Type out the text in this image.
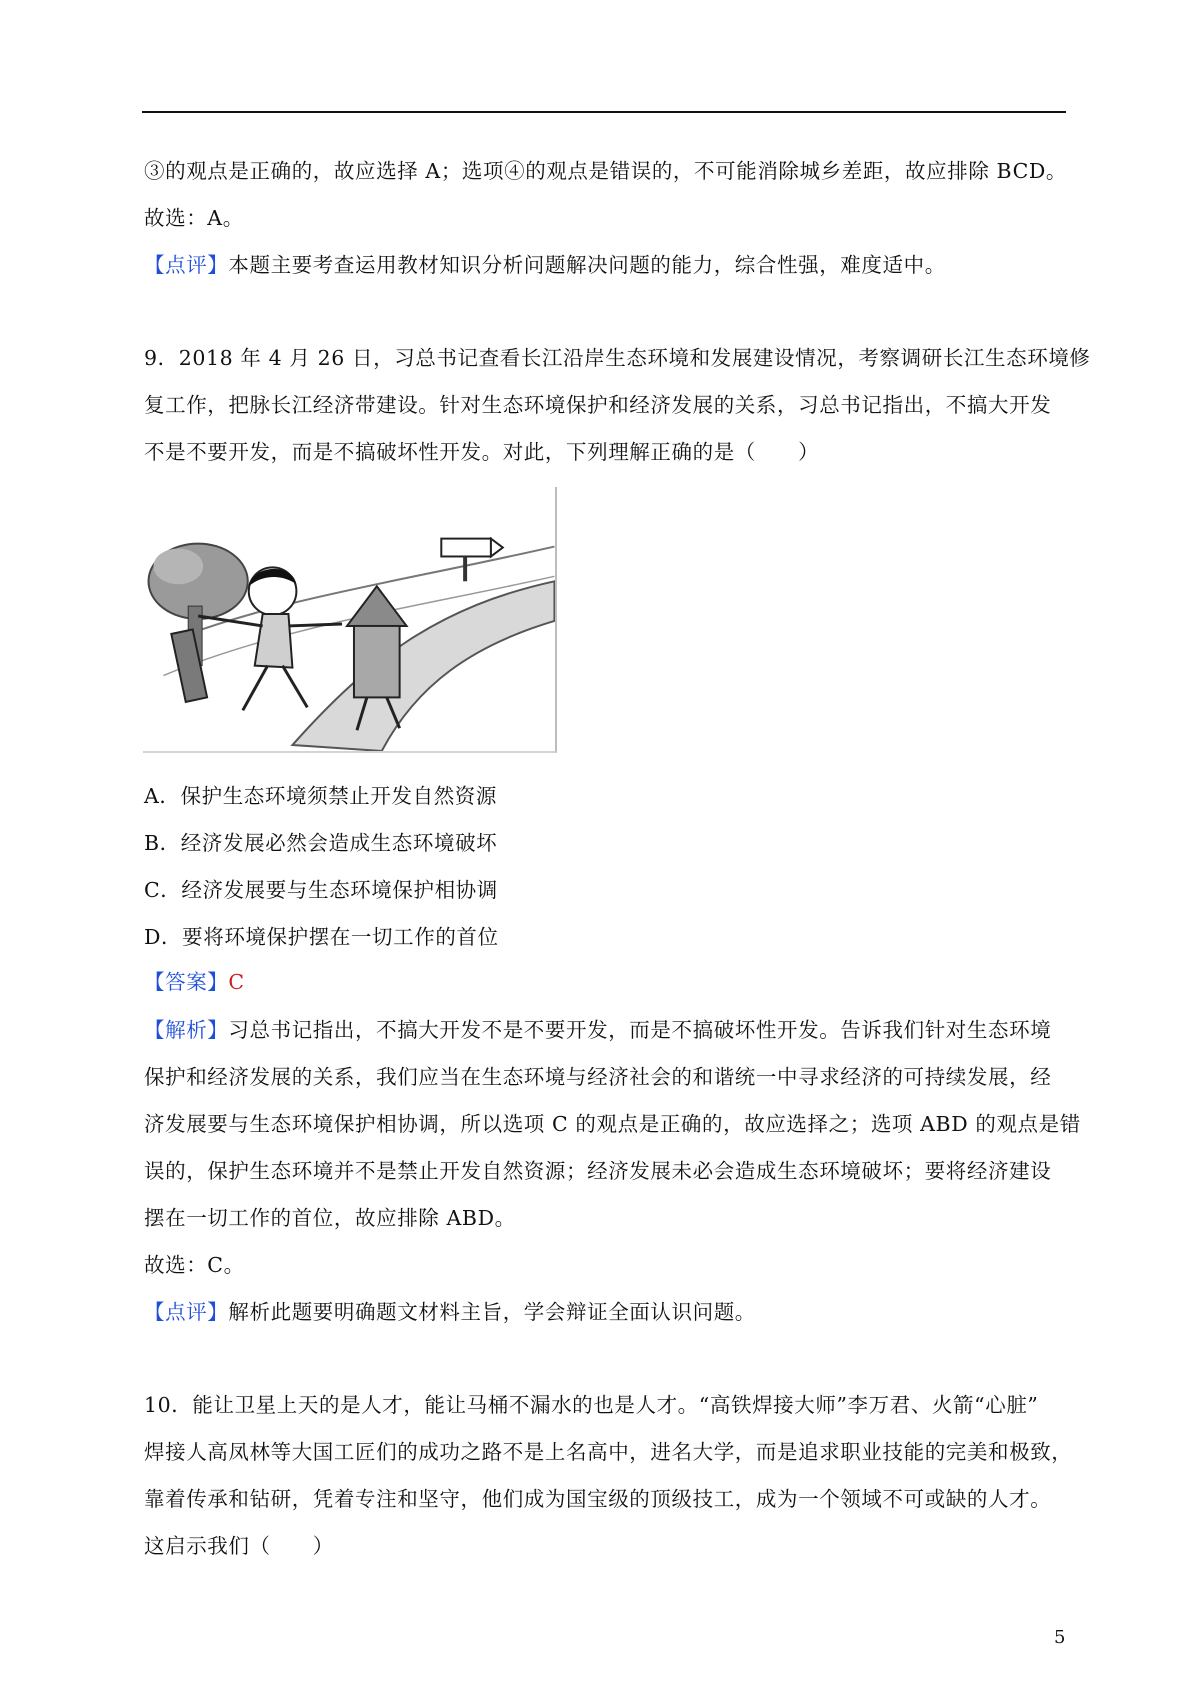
③的观点是正确的，故应选择 A；选项④的观点是错误的，不可能消除城乡差距，故应排除 BCD。
故选：A。
【点评】本题主要考查运用教材知识分析问题解决问题的能力，综合性强，难度适中。
9．2018 年 4 月 26 日，习总书记查看长江沿岸生态环境和发展建设情况，考察调研长江生态环境修
复工作，把脉长江经济带建设。针对生态环境保护和经济发展的关系，习总书记指出，不搞大开发
不是不要开发，而是不搞破坏性开发。对此，下列理解正确的是（　　）
A．保护生态环境须禁止开发自然资源
B．经济发展必然会造成生态环境破坏
C．经济发展要与生态环境保护相协调
D．要将环境保护摆在一切工作的首位
【答案】C
【解析】习总书记指出，不搞大开发不是不要开发，而是不搞破坏性开发。告诉我们针对生态环境
保护和经济发展的关系，我们应当在生态环境与经济社会的和谐统一中寻求经济的可持续发展，经
济发展要与生态环境保护相协调，所以选项 C 的观点是正确的，故应选择之；选项 ABD 的观点是错
误的，保护生态环境并不是禁止开发自然资源；经济发展未必会造成生态环境破坏；要将经济建设
摆在一切工作的首位，故应排除 ABD。
故选：C。
【点评】解析此题要明确题文材料主旨，学会辩证全面认识问题。
10．能让卫星上天的是人才，能让马桶不漏水的也是人才。“高铁焊接大师”李万君、火箭“心脏”
焊接人高凤林等大国工匠们的成功之路不是上名高中，进名大学，而是追求职业技能的完美和极致，
靠着传承和钻研，凭着专注和坚守，他们成为国宝级的顶级技工，成为一个领域不可或缺的人才。
这启示我们（　　）
5
